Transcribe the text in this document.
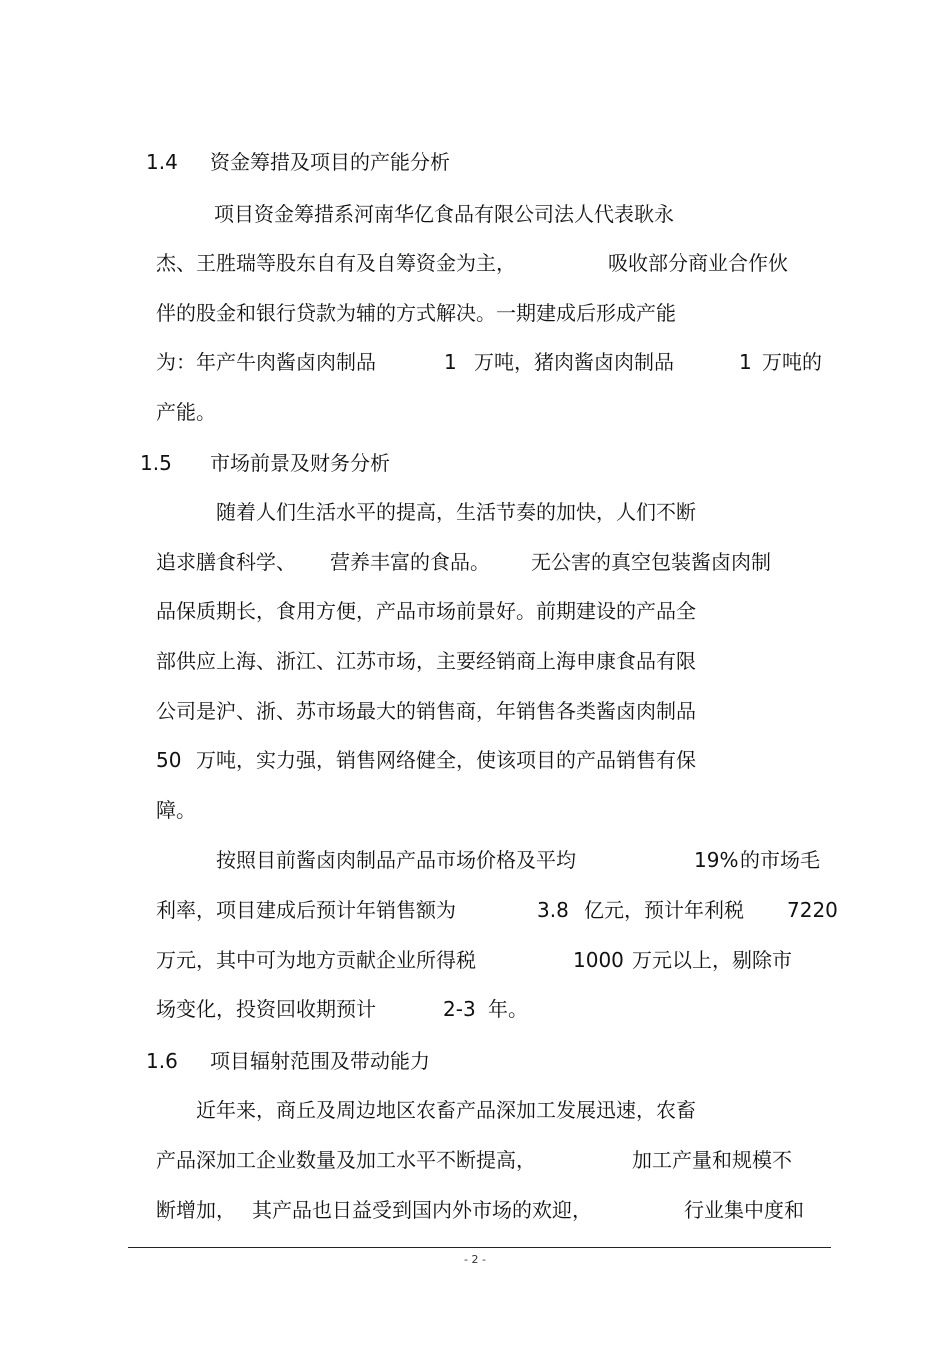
1.4 资金筹措及项目的产能分析
项目资金筹措系河南华亿食品有限公司法人代表耿永
杰、王胜瑞等股东自有及自筹资金为主，	吸收部分商业合作伙
伴的股金和银行贷款为辅的方式解决。一期建成后形成产能
为：年产牛肉酱卤肉制品	1 万吨，猪肉酱卤肉制品	1 万吨的
产能。
1.5 市场前景及财务分析
随着人们生活水平的提高，生活节奏的加快，人们不断
追求膳食科学、 营养丰富的食品。 无公害的真空包装酱卤肉制
品保质期长，食用方便，产品市场前景好。前期建设的产品全
部供应上海、浙江、江苏市场，主要经销商上海申康食品有限
公司是沪、浙、苏市场最大的销售商，年销售各类酱卤肉制品
50 万吨，实力强，销售网络健全，使该项目的产品销售有保
障。
按照目前酱卤肉制品产品市场价格及平均	19% 的市场毛
利率，项目建成后预计年销售额为	3.8 亿元，预计年利税 7220
万元，其中可为地方贡献企业所得税	1000 万元以上，剔除市
场变化，投资回收期预计	2-3 年。
1.6 项目辐射范围及带动能力
近年来，商丘及周边地区农畜产品深加工发展迅速，农畜
产品深加工企业数量及加工水平不断提高，	加工产量和规模不
断增加， 其产品也日益受到国内外市场的欢迎，	行业集中度和
- 2 -
